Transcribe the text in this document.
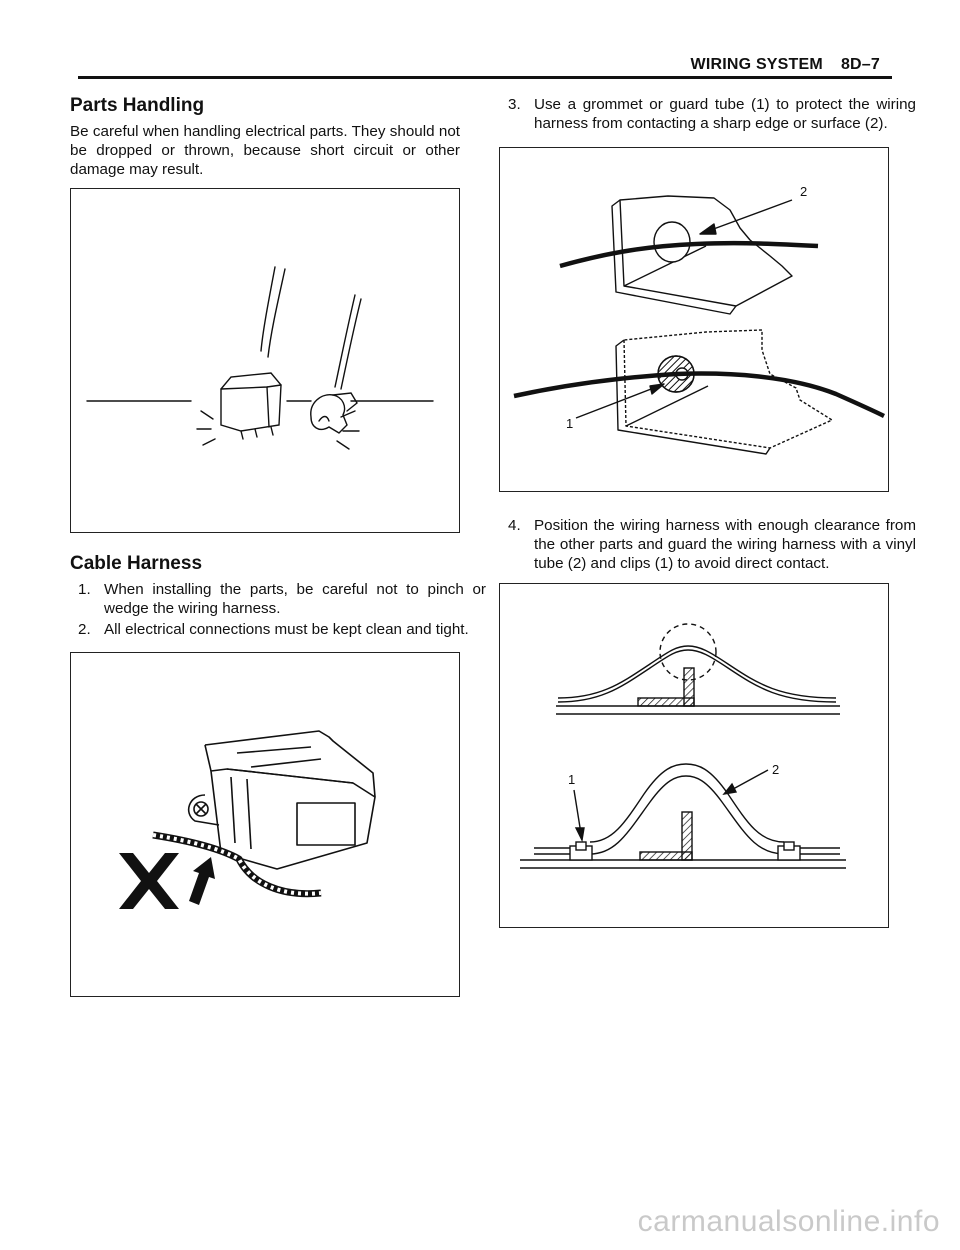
WIRING SYSTEM 8D–7
Parts Handling
Be careful when handling electrical parts. They should not be dropped or thrown, because short circuit or other damage may result.
Cable Harness
1. When installing the parts, be careful not to pinch or wedge the wiring harness.
2. All electrical connections must be kept clean and tight.
3. Use a grommet or guard tube (1) to protect the wiring harness from contacting a sharp edge or surface (2).
2
1
4. Position the wiring harness with enough clearance from the other parts and guard the wiring harness with a vinyl tube (2) and clips (1) to avoid direct contact.
1
2
carmanualsonline.info
